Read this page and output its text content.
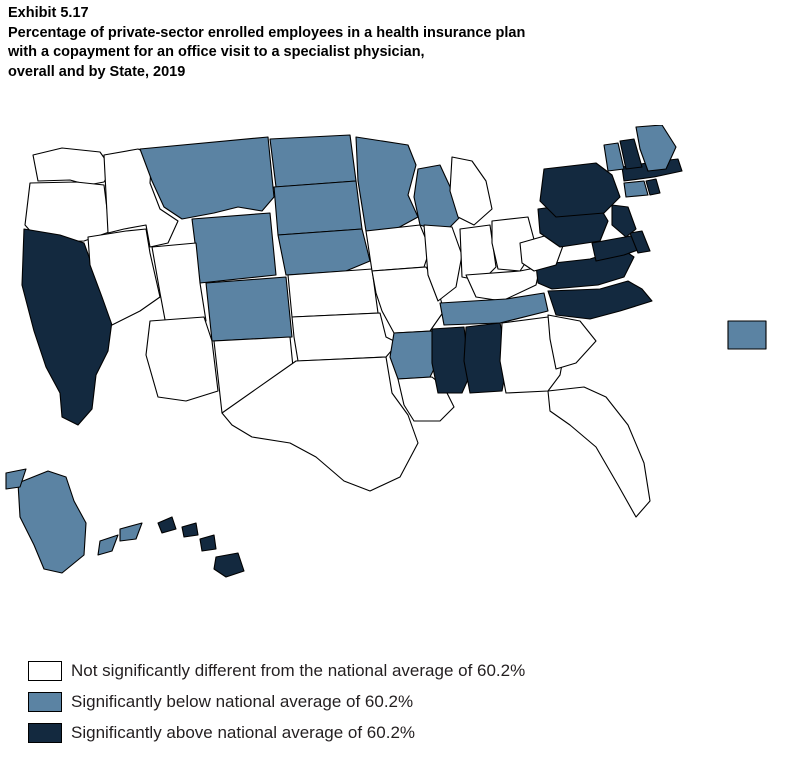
Exhibit 5.17
Percentage of private-sector enrolled employees in a health insurance plan
with a copayment for an office visit to a specialist physician,
overall and by State, 2019
Not significantly different from the national average of 60.2%
Significantly below national average of 60.2%
Significantly above national average of 60.2%
